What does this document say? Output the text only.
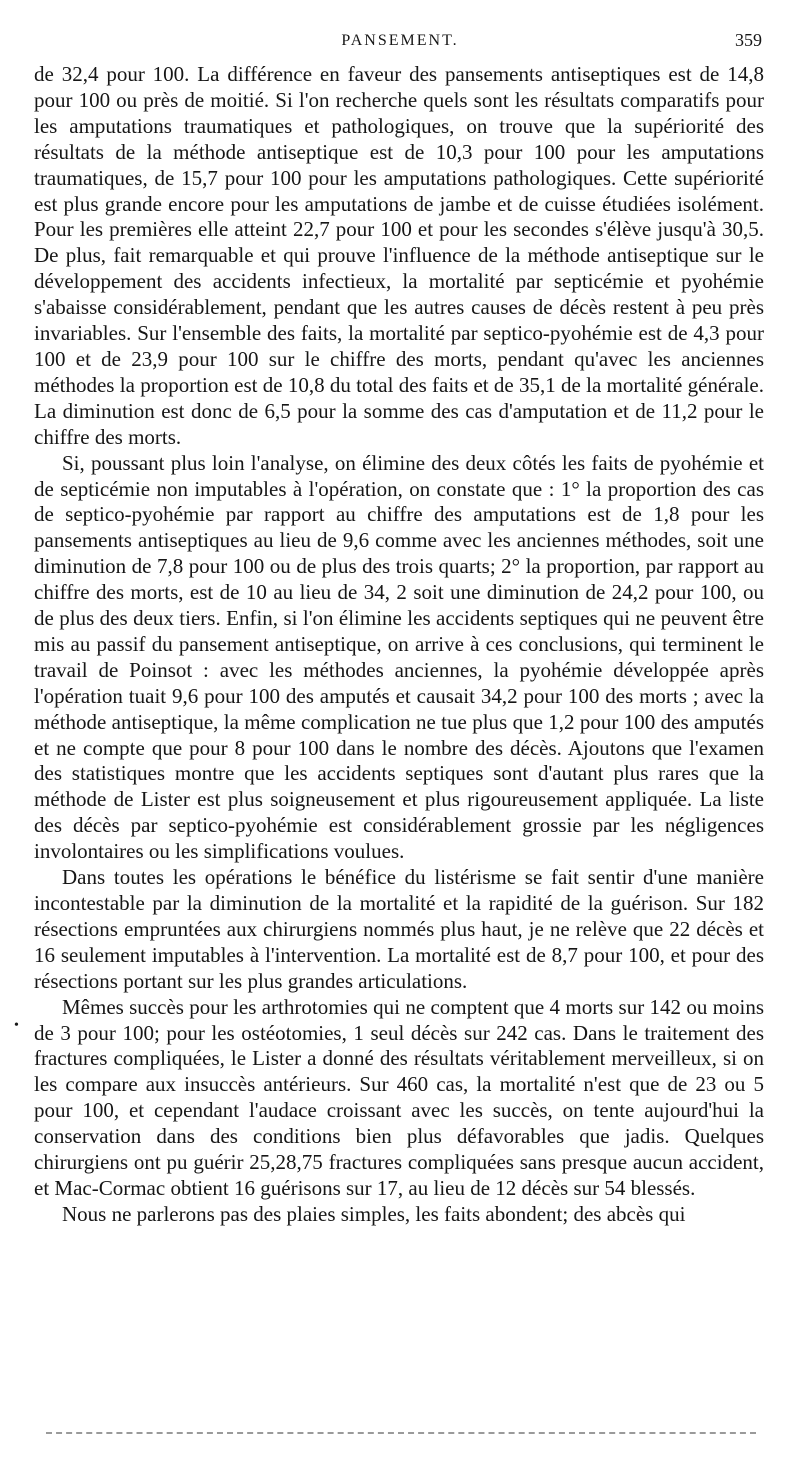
PANSEMENT.	359
•

de 32,4 pour 100. La différence en faveur des pansements antiseptiques est de 14,8 pour 100 ou près de moitié. Si l'on recherche quels sont les résultats comparatifs pour les amputations traumatiques et pathologiques, on trouve que la supériorité des résultats de la méthode antiseptique est de 10,3 pour 100 pour les amputations traumatiques, de 15,7 pour 100 pour les amputations pathologiques. Cette supériorité est plus grande encore pour les amputations de jambe et de cuisse étudiées isolément. Pour les premières elle atteint 22,7 pour 100 et pour les secondes s'élève jusqu'à 30,5. De plus, fait remarquable et qui prouve l'influence de la méthode antiseptique sur le développement des accidents infectieux, la mortalité par septicémie et pyohémie s'abaisse considérablement, pendant que les autres causes de décès restent à peu près invariables. Sur l'ensemble des faits, la mortalité par septico-pyohémie est de 4,3 pour 100 et de 23,9 pour 100 sur le chiffre des morts, pendant qu'avec les anciennes méthodes la proportion est de 10,8 du total des faits et de 35,1 de la mortalité générale. La diminution est donc de 6,5 pour la somme des cas d'amputation et de 11,2 pour le chiffre des morts.

Si, poussant plus loin l'analyse, on élimine des deux côtés les faits de pyohémie et de septicémie non imputables à l'opération, on constate que : 1° la proportion des cas de septico-pyohémie par rapport au chiffre des amputations est de 1,8 pour les pansements antiseptiques au lieu de 9,6 comme avec les anciennes méthodes, soit une diminution de 7,8 pour 100 ou de plus des trois quarts; 2° la proportion, par rapport au chiffre des morts, est de 10 au lieu de 34, 2 soit une diminution de 24,2 pour 100, ou de plus des deux tiers. Enfin, si l'on élimine les accidents septiques qui ne peuvent être mis au passif du pansement antiseptique, on arrive à ces conclusions, qui terminent le travail de Poinsot : avec les méthodes anciennes, la pyohémie développée après l'opération tuait 9,6 pour 100 des amputés et causait 34,2 pour 100 des morts ; avec la méthode antiseptique, la même complication ne tue plus que 1,2 pour 100 des amputés et ne compte que pour 8 pour 100 dans le nombre des décès. Ajoutons que l'examen des statistiques montre que les accidents septiques sont d'autant plus rares que la méthode de Lister est plus soigneusement et plus rigoureusement appliquée. La liste des décès par septico-pyohémie est considérablement grossie par les négligences involontaires ou les simplifications voulues.

Dans toutes les opérations le bénéfice du listérisme se fait sentir d'une manière incontestable par la diminution de la mortalité et la rapidité de la guérison. Sur 182 résections empruntées aux chirurgiens nommés plus haut, je ne relève que 22 décès et 16 seulement imputables à l'intervention. La mortalité est de 8,7 pour 100, et pour des résections portant sur les plus grandes articulations.

Mêmes succès pour les arthrotomies qui ne comptent que 4 morts sur 142 ou moins de 3 pour 100; pour les ostéotomies, 1 seul décès sur 242 cas. Dans le traitement des fractures compliquées, le Lister a donné des résultats véritablement merveilleux, si on les compare aux insuccès antérieurs. Sur 460 cas, la mortalité n'est que de 23 ou 5 pour 100, et cependant l'audace croissant avec les succès, on tente aujourd'hui la conservation dans des conditions bien plus défavorables que jadis. Quelques chirurgiens ont pu guérir 25,28,75 fractures compliquées sans presque aucun accident, et Mac-Cormac obtient 16 guérisons sur 17, au lieu de 12 décès sur 54 blessés.

Nous ne parlerons pas des plaies simples, les faits abondent; des abcès qui
